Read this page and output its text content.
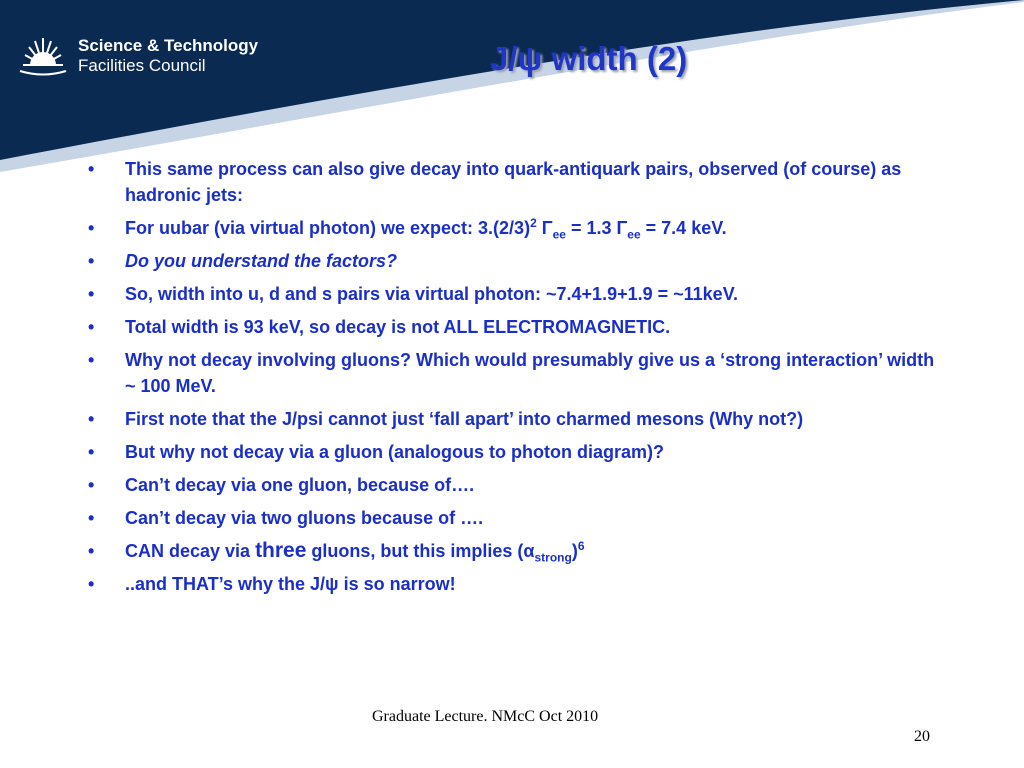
Science & Technology
Facilities Council	J/ψ width (2)
• This same process can also give decay into quark-antiquark pairs, observed (of course) as hadronic jets:
• For uubar (via virtual photon) we expect: $3.(2/3)^2$ $\Gamma_{ee} = 1.3$ $\Gamma_{ee} = 7.4$ keV.
• Do you understand the factors?
• So, width into u, d and s pairs via virtual photon: ~7.4+1.9+1.9 = ~11keV.
• Total width is 93 keV, so decay is not ALL ELECTROMAGNETIC.
• Why not decay involving gluons? Which would presumably give us a ‘strong interaction’ width ~ 100 MeV.
• First note that the J/psi cannot just ‘fall apart’ into charmed mesons (Why not?)
• But why not decay via a gluon (analogous to photon diagram)?
• Can’t decay via one gluon, because of….
• Can’t decay via two gluons because of ….
• CAN decay via three gluons, but this implies $(\alpha_{strong})^6$
• ..and THAT’s why the J/ψ is so narrow!
Graduate Lecture. NMcC Oct 2010
20
